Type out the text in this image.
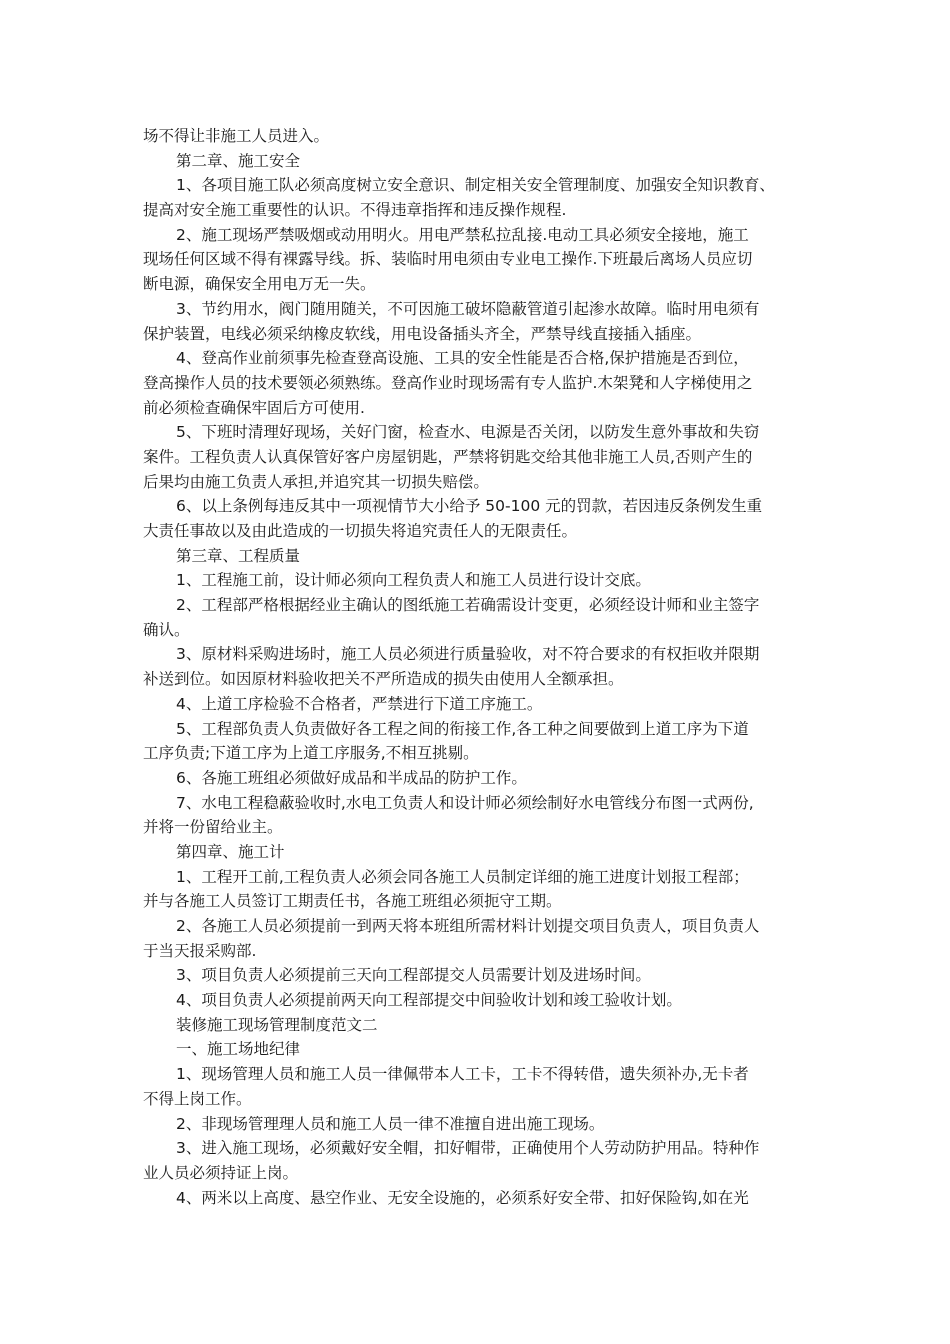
场不得让非施工人员进入。
第二章、施工安全
1、各项目施工队必须高度树立安全意识、制定相关安全管理制度、加强安全知识教育、
提高对安全施工重要性的认识。不得违章指挥和违反操作规程.
2、施工现场严禁吸烟或动用明火。用电严禁私拉乱接.电动工具必须安全接地，施工
现场任何区域不得有裸露导线。拆、装临时用电须由专业电工操作.下班最后离场人员应切
断电源，确保安全用电万无一失。
3、节约用水，阀门随用随关，不可因施工破坏隐蔽管道引起渗水故障。临时用电须有
保护装置，电线必须采纳橡皮软线，用电设备插头齐全，严禁导线直接插入插座。
4、登高作业前须事先检查登高设施、工具的安全性能是否合格,保护措施是否到位，
登高操作人员的技术要领必须熟练。登高作业时现场需有专人监护.木架凳和人字梯使用之
前必须检查确保牢固后方可使用.
5、下班时清理好现场，关好门窗，检查水、电源是否关闭，以防发生意外事故和失窃
案件。工程负责人认真保管好客户房屋钥匙，严禁将钥匙交给其他非施工人员,否则产生的
后果均由施工负责人承担,并追究其一切损失赔偿。
6、以上条例每违反其中一项视情节大小给予 50-100 元的罚款，若因违反条例发生重
大责任事故以及由此造成的一切损失将追究责任人的无限责任。
第三章、工程质量
1、工程施工前，设计师必须向工程负责人和施工人员进行设计交底。
2、工程部严格根据经业主确认的图纸施工若确需设计变更，必须经设计师和业主签字
确认。
3、原材料采购进场时，施工人员必须进行质量验收，对不符合要求的有权拒收并限期
补送到位。如因原材料验收把关不严所造成的损失由使用人全额承担。
4、上道工序检验不合格者，严禁进行下道工序施工。
5、工程部负责人负责做好各工程之间的衔接工作,各工种之间要做到上道工序为下道
工序负责;下道工序为上道工序服务,不相互挑剔。
6、各施工班组必须做好成品和半成品的防护工作。
7、水电工程稳蔽验收时,水电工负责人和设计师必须绘制好水电管线分布图一式两份,
并将一份留给业主。
第四章、施工计
1、工程开工前,工程负责人必须会同各施工人员制定详细的施工进度计划报工程部；
并与各施工人员签订工期责任书，各施工班组必须扼守工期。
2、各施工人员必须提前一到两天将本班组所需材料计划提交项目负责人，项目负责人
于当天报采购部.
3、项目负责人必须提前三天向工程部提交人员需要计划及进场时间。
4、项目负责人必须提前两天向工程部提交中间验收计划和竣工验收计划。
装修施工现场管理制度范文二
一、施工场地纪律
1、现场管理人员和施工人员一律佩带本人工卡，工卡不得转借，遗失须补办,无卡者
不得上岗工作。
2、非现场管理理人员和施工人员一律不准擅自进出施工现场。
3、进入施工现场，必须戴好安全帽，扣好帽带，正确使用个人劳动防护用品。特种作
业人员必须持证上岗。
4、两米以上高度、悬空作业、无安全设施的，必须系好安全带、扣好保险钩,如在光
